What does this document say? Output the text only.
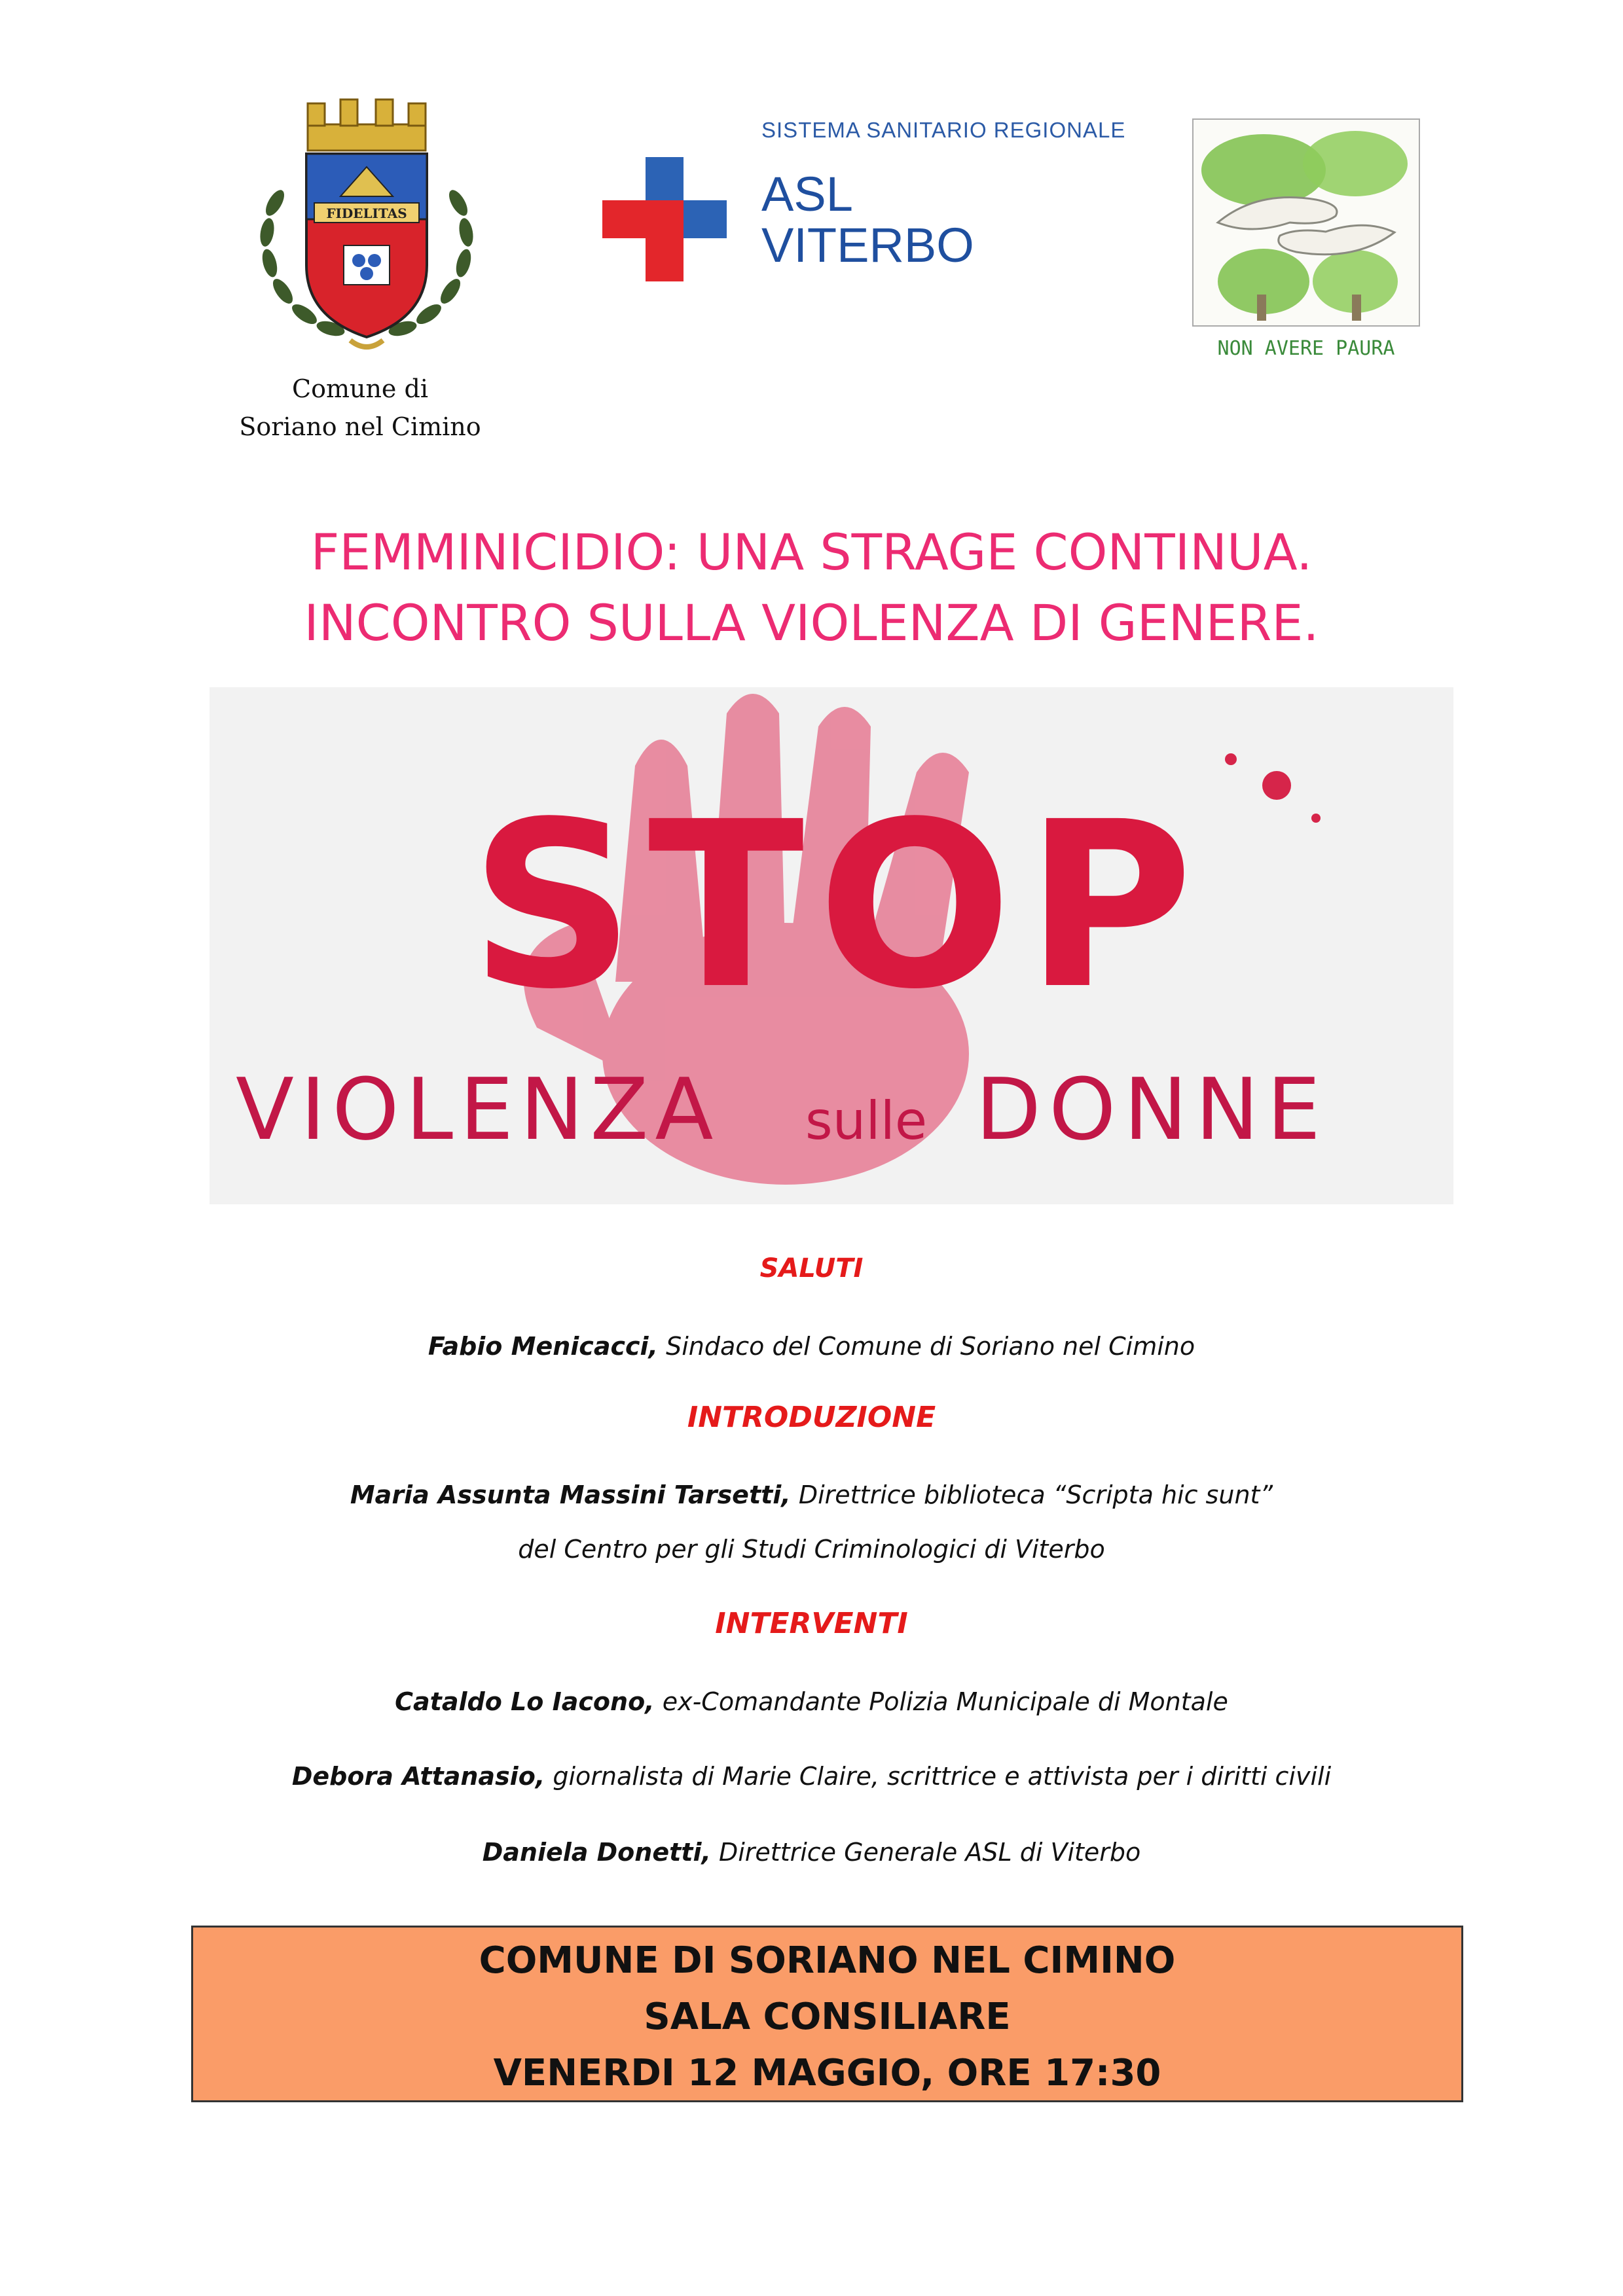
FIDELITAS
Comune di
Soriano nel Cimino
SISTEMA SANITARIO REGIONALE
ASL
VITERBO
NON AVERE PAURA
FEMMINICIDIO: UNA STRAGE CONTINUA.
INCONTRO SULLA VIOLENZA DI GENERE.
STOP
VIOLENZA sulle DONNE
SALUTI
Fabio Menicacci, Sindaco del Comune di Soriano nel Cimino
INTRODUZIONE
Maria Assunta Massini Tarsetti, Direttrice biblioteca “Scripta hic sunt”
del Centro per gli Studi Criminologici di Viterbo
INTERVENTI
Cataldo Lo Iacono, ex-Comandante Polizia Municipale di Montale
Debora Attanasio, giornalista di Marie Claire, scrittrice e attivista per i diritti civili
Daniela Donetti, Direttrice Generale ASL di Viterbo
COMUNE DI SORIANO NEL CIMINO
SALA CONSILIARE
VENERDI 12 MAGGIO, ORE 17:30
